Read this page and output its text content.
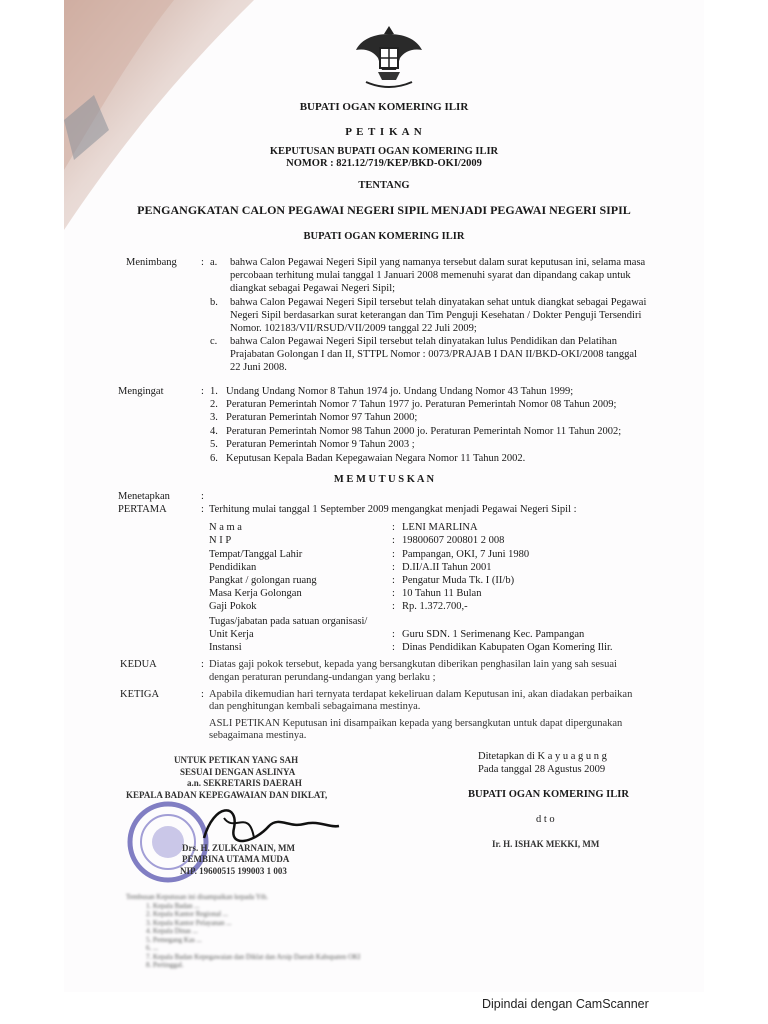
BUPATI OGAN KOMERING ILIR
P E T I K A N
KEPUTUSAN BUPATI OGAN KOMERING ILIR
NOMOR : 821.12/719/KEP/BKD-OKI/2009
TENTANG
PENGANGKATAN CALON PEGAWAI NEGERI SIPIL MENJADI PEGAWAI NEGERI SIPIL
BUPATI OGAN KOMERING ILIR
Menimbang : a. bahwa Calon Pegawai Negeri Sipil yang namanya tersebut dalam surat keputusan ini, selama masa
percobaan terhitung mulai tanggal 1 Januari 2008 memenuhi syarat dan dipandang cakap untuk
diangkat sebagai Pegawai Negeri Sipil;
b. bahwa Calon Pegawai Negeri Sipil tersebut telah dinyatakan sehat untuk diangkat sebagai Pegawai
Negeri Sipil berdasarkan surat keterangan dan Tim Penguji Kesehatan / Dokter Penguji Tersendiri
Nomor. 102183/VII/RSUD/VII/2009 tanggal 22 Juli 2009;
c. bahwa Calon Pegawai Negeri Sipil tersebut telah dinyatakan lulus Pendidikan dan Pelatihan
Prajabatan Golongan I dan II, STTPL Nomor : 0073/PRAJAB I DAN II/BKD-OKI/2008 tanggal
22 Juni 2008.
Mengingat	: 1. Undang Undang Nomor 8 Tahun 1974 jo. Undang Undang Nomor 43 Tahun 1999;
2. Peraturan Pemerintah Nomor 7 Tahun 1977 jo. Peraturan Pemerintah Nomor 08 Tahun 2009;
3. Peraturan Pemerintah Nomor 97 Tahun 2000;
4. Peraturan Pemerintah Nomor 98 Tahun 2000 jo. Peraturan Pemerintah Nomor 11 Tahun 2002;
5. Peraturan Pemerintah Nomor 9 Tahun 2003 ;
6. Keputusan Kepala Badan Kepegawaian Negara Nomor 11 Tahun 2002.
M E M U T U S K A N
Menetapkan	:
PERTAMA	: Terhitung mulai tanggal 1 September 2009 mengangkat menjadi Pegawai Negeri Sipil :
N a m a	: LENI MARLINA
N I P	: 19800607 200801 2 008
Tempat/Tanggal Lahir	: Pampangan, OKI, 7 Juni 1980
Pendidikan	: D.II/A.II Tahun 2001
Pangkat / golongan ruang	: Pengatur Muda Tk. I (II/b)
Masa Kerja Golongan	: 10 Tahun 11 Bulan
Gaji Pokok	: Rp. 1.372.700,-
Tugas/jabatan pada satuan organisasi/
Unit Kerja	: Guru SDN. 1 Serimenang Kec. Pampangan
Instansi	: Dinas Pendidikan Kabupaten Ogan Komering Ilir.
KEDUA	: Diatas gaji pokok tersebut, kepada yang bersangkutan diberikan penghasilan lain yang sah sesuai
dengan peraturan perundang-undangan yang berlaku ;
KETIGA	: Apabila dikemudian hari ternyata terdapat kekeliruan dalam Keputusan ini, akan diadakan perbaikan
dan penghitungan kembali sebagaimana mestinya.
ASLI PETIKAN Keputusan ini disampaikan kepada yang bersangkutan untuk dapat dipergunakan
sebagaimana mestinya.
UNTUK PETIKAN YANG SAH
SESUAI DENGAN ASLINYA
a.n. SEKRETARIS DAERAH
KEPALA BADAN KEPEGAWAIAN DAN DIKLAT,
Drs. H. ZULKARNAIN, MM
PEMBINA UTAMA MUDA
NIP. 19600515 199003 1 003
Ditetapkan di K a y u a g u n g
Pada tanggal 28 Agustus 2009
BUPATI OGAN KOMERING ILIR
d t o
Ir. H. ISHAK MEKKI, MM
Tembusan Keputusan ini disampaikan kepada Yth.
1. Kepala Badan ...
2. Kepala Kantor Regional ...
3. Kepala Kantor Pelayanan ...
4. Kepala Dinas ...
5. Pemegang Kas ...
6. ...
7. Kepala Badan Kepegawaian dan Diklat dan Arsip Daerah Kabupaten OKI
8. Pertinggal.
Dipindai dengan CamScanner
